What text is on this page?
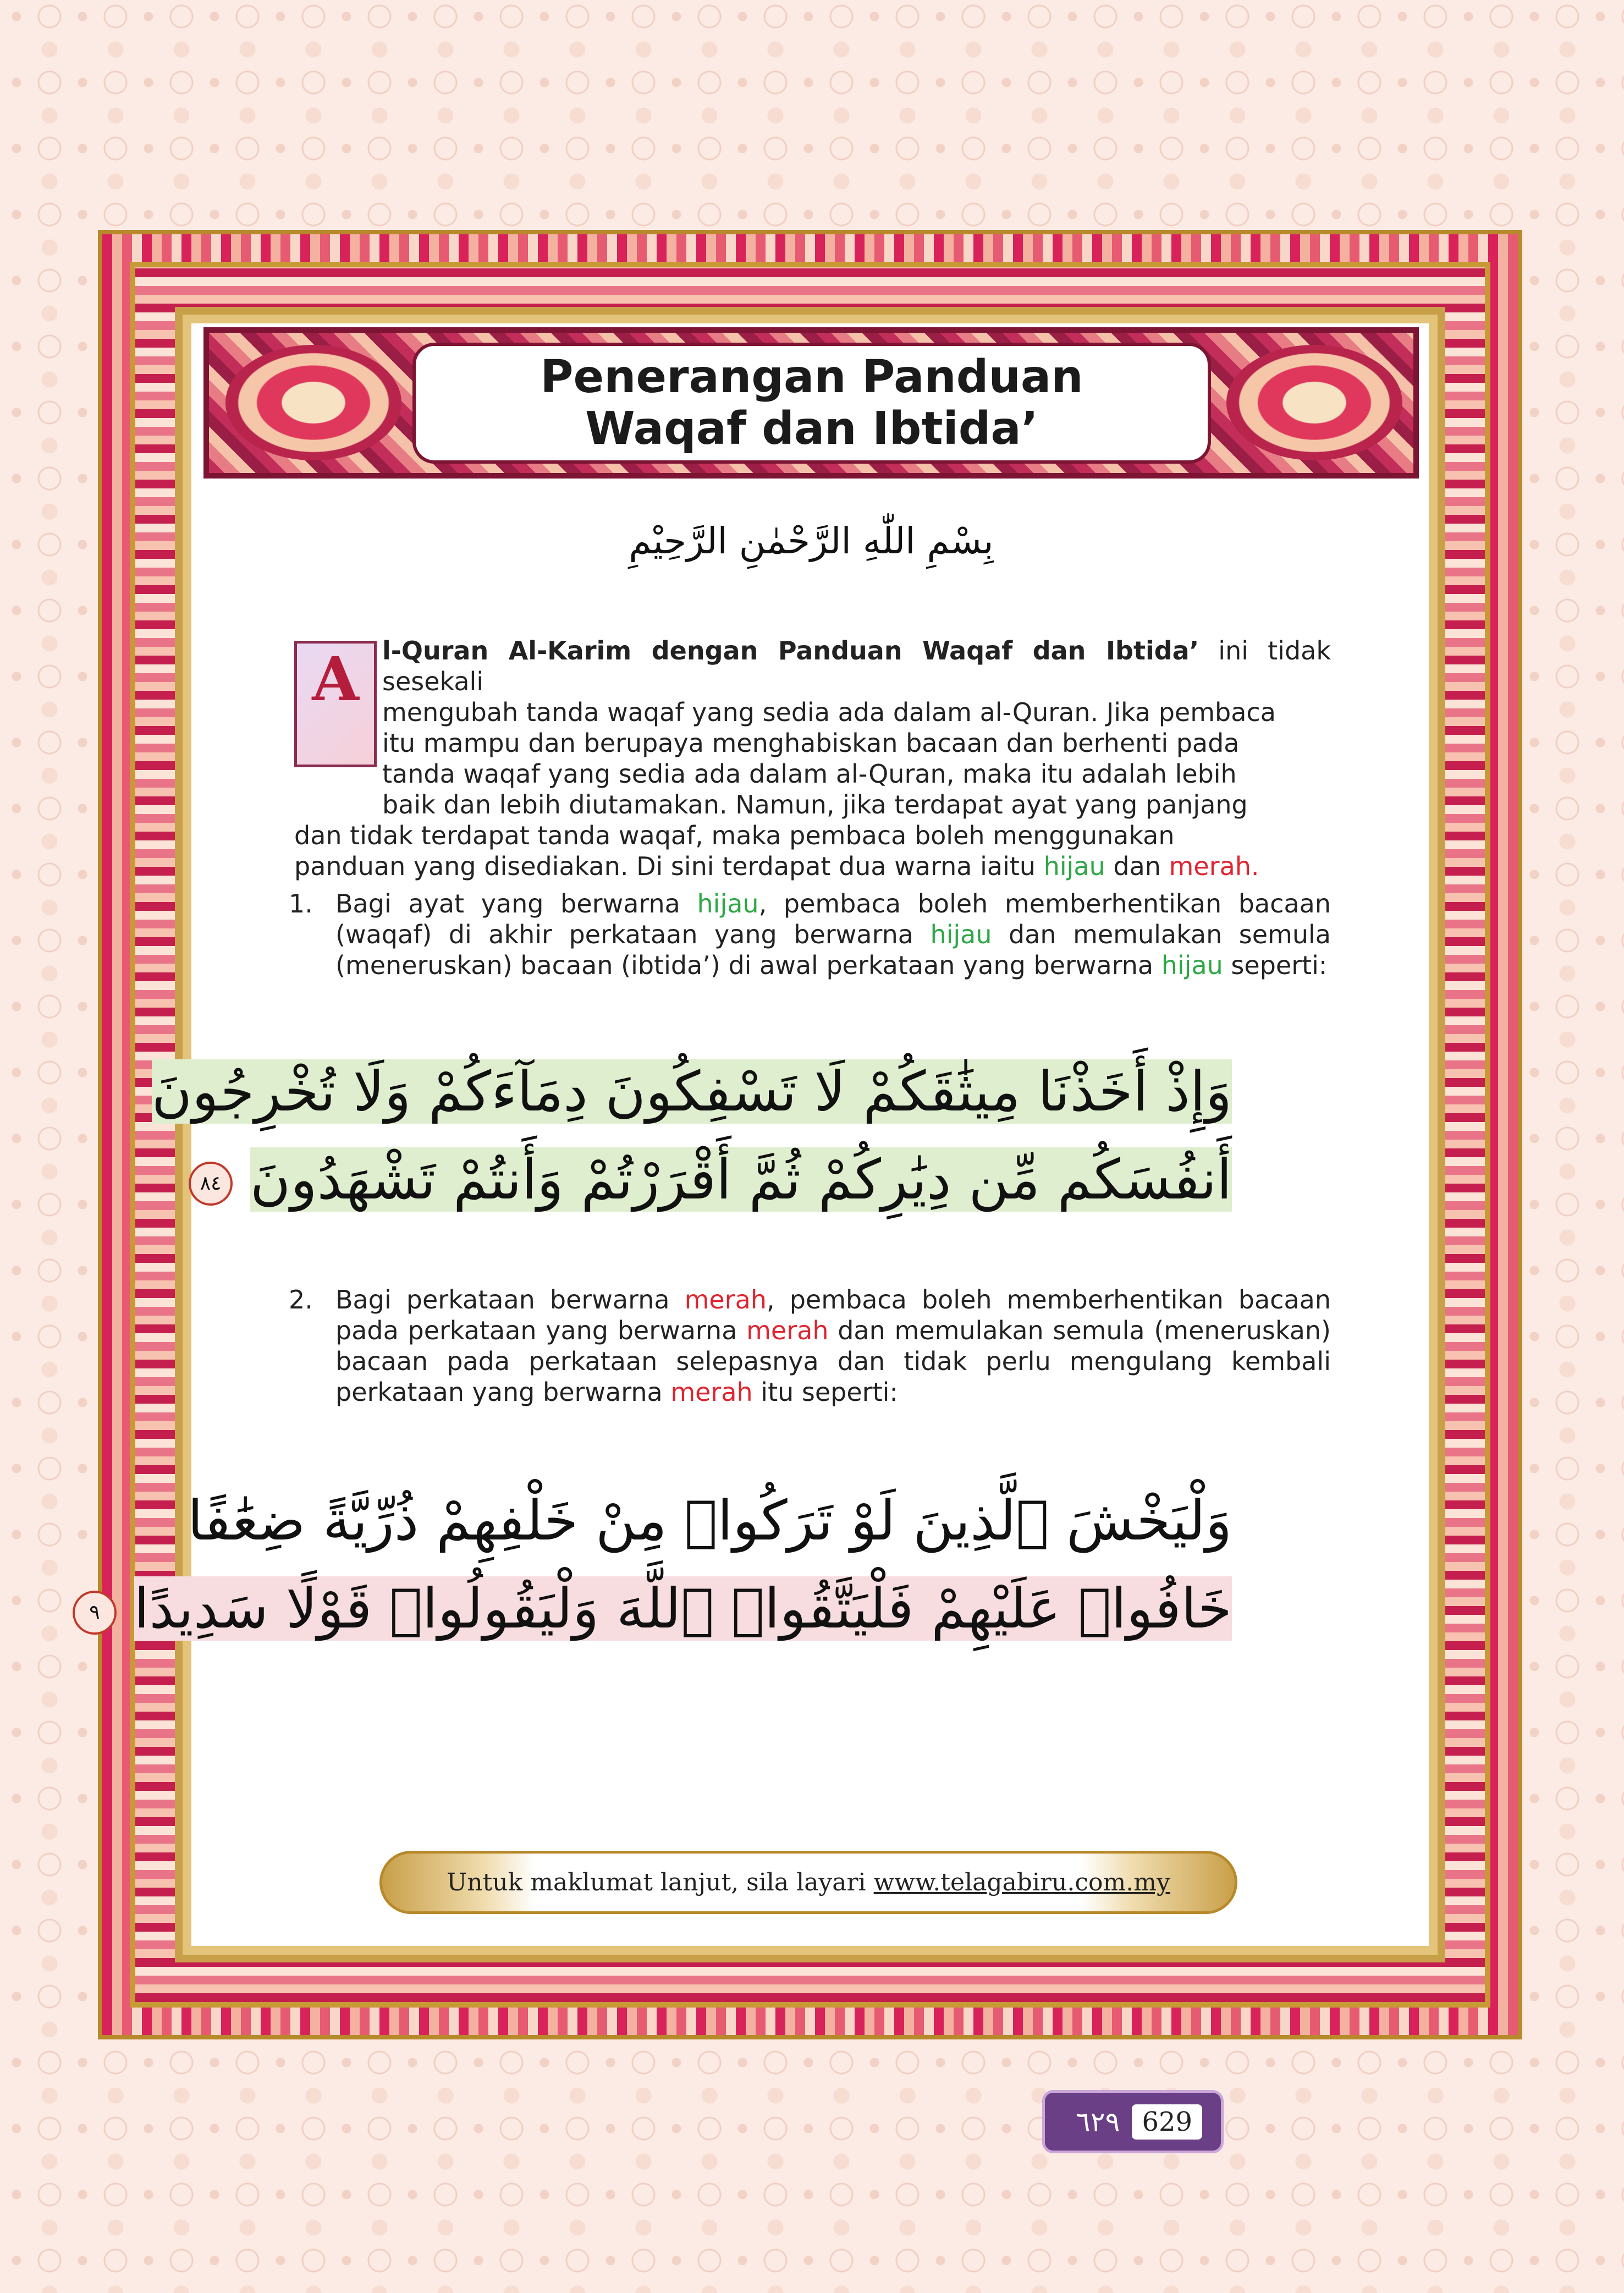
Penerangan Panduan
Waqaf dan Ibtida’
بِسْمِ اللّٰهِ الرَّحْمٰنِ الرَّحِيْمِ
l-Quran Al-Karim dengan Panduan Waqaf dan Ibtida’ ini tidak sesekali
mengubah tanda waqaf yang sedia ada dalam al-Quran. Jika pembaca
itu mampu dan berupaya menghabiskan bacaan dan berhenti pada
tanda waqaf yang sedia ada dalam al-Quran, maka itu adalah lebih
baik dan lebih diutamakan. Namun, jika terdapat ayat yang panjang
dan tidak terdapat tanda waqaf, maka pembaca boleh menggunakan
panduan yang disediakan. Di sini terdapat dua warna iaitu hijau dan merah.
A
1. Bagi ayat yang berwarna hijau, pembaca boleh memberhentikan bacaan (waqaf) di akhir perkataan yang berwarna hijau dan memulakan semula (meneruskan) bacaan (ibtida’) di awal perkataan yang berwarna hijau seperti:
وَإِذْ أَخَذْنَا مِيثَٰقَكُمْ لَا تَسْفِكُونَ دِمَآءَكُمْ وَلَا تُخْرِجُونَ
أَنفُسَكُم مِّن دِيَٰرِكُمْ ثُمَّ أَقْرَرْتُمْ وَأَنتُمْ تَشْهَدُونَ ٨٤
2. Bagi perkataan berwarna merah, pembaca boleh memberhentikan bacaan pada perkataan yang berwarna merah dan memulakan semula (meneruskan) bacaan pada perkataan selepasnya dan tidak perlu mengulang kembali perkataan yang berwarna merah itu seperti:
وَلْيَخْشَ ٱلَّذِينَ لَوْ تَرَكُوا۟ مِنْ خَلْفِهِمْ ذُرِّيَّةً ضِعَٰفًا
خَافُوا۟ عَلَيْهِمْ فَلْيَتَّقُوا۟ ٱللَّهَ وَلْيَقُولُوا۟ قَوْلًا سَدِيدًا ٩
Untuk maklumat lanjut, sila layari www.telagabiru.com.my
٦٢٩ 629
